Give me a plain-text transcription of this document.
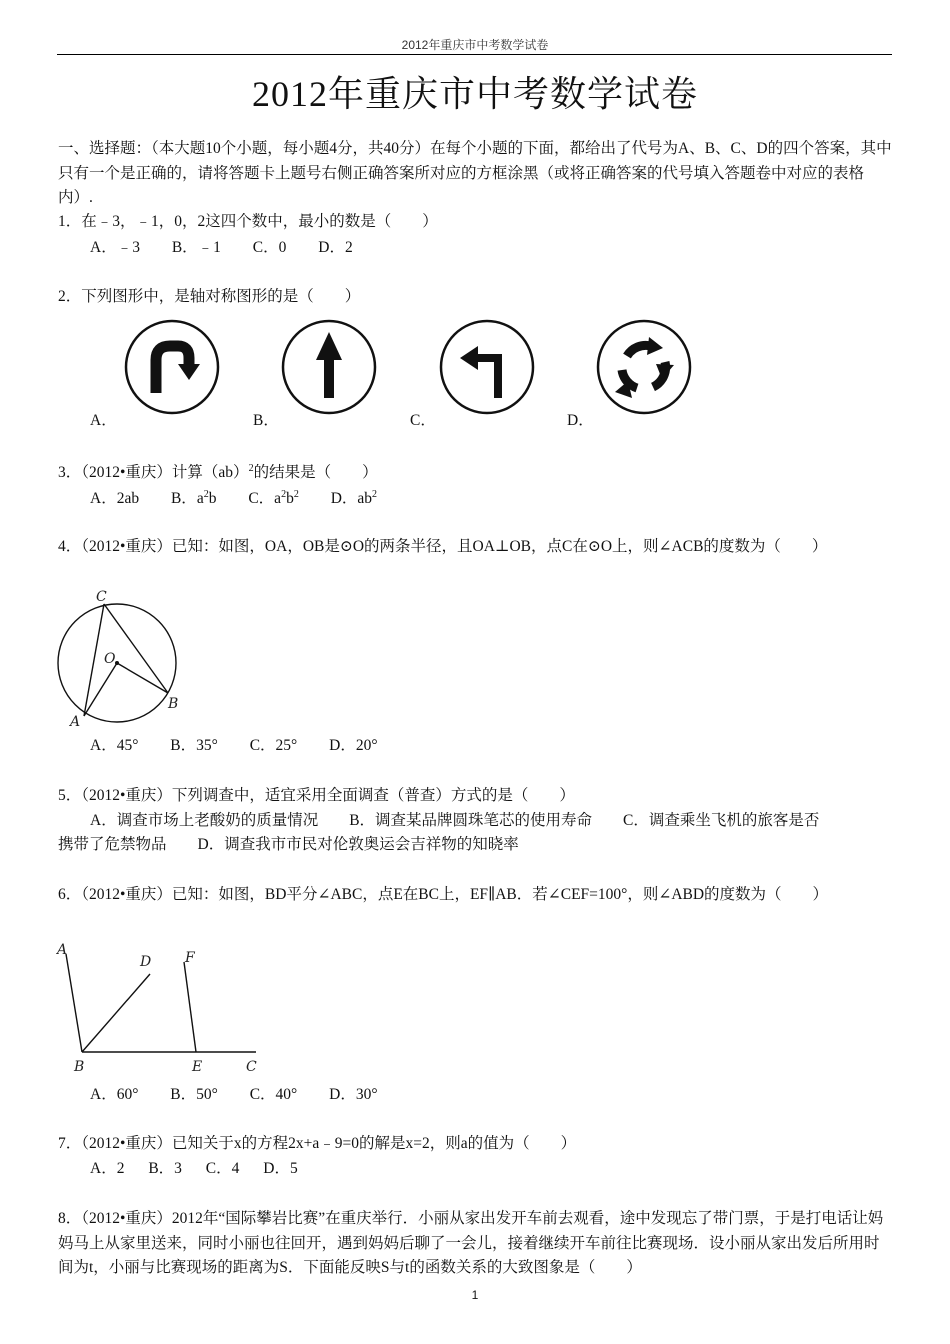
2012年重庆市中考数学试卷
2012年重庆市中考数学试卷
一、选择题：（本大题10个小题，每小题4分，共40分）在每个小题的下面，都给出了代号为A、B、C、D的四个答案，其中只有一个是正确的，请将答题卡上题号右侧正确答案所对应的方框涂黑（或将正确答案的代号填入答题卷中对应的表格内）.
1．在﹣3，﹣1，0，2这四个数中，最小的数是（　　）
A．﹣3 B．﹣1 C．0 D．2
2．下列图形中，是轴对称图形的是（　　）
A．	B．	C．	D．
3．（2012•重庆）计算（ab）$^2$的结果是（　　）
A．2ab B．$a^2b$ C．$a^2b^2$ D．$ab^2$
4．（2012•重庆）已知：如图，OA，OB是⊙O的两条半径，且OA⊥OB，点C在⊙O上，则∠ACB的度数为（　　）
C
O
A
B
A．45° B．35° C．25° D．20°
5．（2012•重庆）下列调查中，适宜采用全面调查（普查）方式的是（　　）
A．调查市场上老酸奶的质量情况　　B．调查某品牌圆珠笔芯的使用寿命　　C．调查乘坐飞机的旅客是否
携带了危禁物品　　D．调查我市市民对伦敦奥运会吉祥物的知晓率
6．（2012•重庆）已知：如图，BD平分∠ABC，点E在BC上，EF∥AB．若∠CEF=100°，则∠ABD的度数为（　　）
A
D F
B	E	C
A．60° B．50° C．40° D．30°
7．（2012•重庆）已知关于x的方程2x+a﹣9=0的解是x=2，则a的值为（　　）
A．2 B．3 C．4 D．5
8．（2012•重庆）2012年“国际攀岩比赛”在重庆举行．小丽从家出发开车前去观看，途中发现忘了带门票，于是打电话让妈妈马上从家里送来，同时小丽也往回开，遇到妈妈后聊了一会儿，接着继续开车前往比赛现场．设小丽从家出发后所用时间为t，小丽与比赛现场的距离为S．下面能反映S与t的函数关系的大致图象是（　　）
1
